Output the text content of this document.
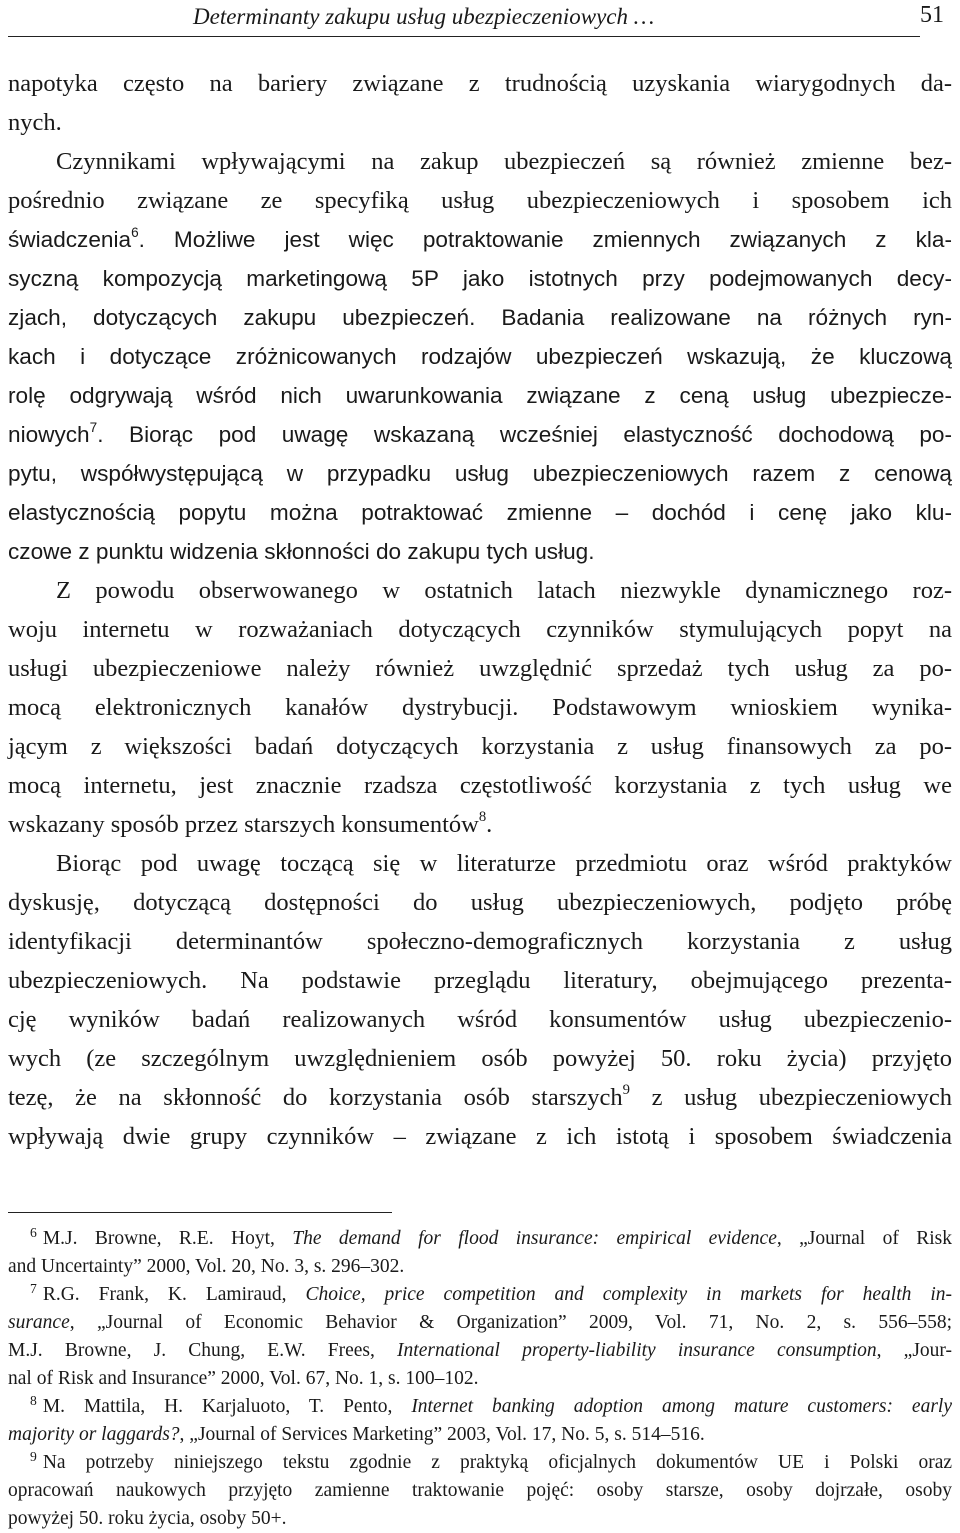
Determinanty zakupu usług ubezpieczeniowych …	51
napotyka często na bariery związane z trudnością uzyskania wiarygodnych da-
nych.
Czynnikami wpływającymi na zakup ubezpieczeń są również zmienne bez-
pośrednio związane ze specyfiką usług ubezpieczeniowych i sposobem ich
świadczenia$^6$. Możliwe jest więc potraktowanie zmiennych związanych z kla-
syczną kompozycją marketingową 5P jako istotnych przy podejmowanych decy-
zjach, dotyczących zakupu ubezpieczeń. Badania realizowane na różnych ryn-
kach i dotyczące zróżnicowanych rodzajów ubezpieczeń wskazują, że kluczową
rolę odgrywają wśród nich uwarunkowania związane z ceną usług ubezpiecze-
niowych$^7$. Biorąc pod uwagę wskazaną wcześniej elastyczność dochodową po-
pytu, współwystępującą w przypadku usług ubezpieczeniowych razem z cenową
elastycznością popytu można potraktować zmienne – dochód i cenę jako klu-
czowe z punktu widzenia skłonności do zakupu tych usług.
Z powodu obserwowanego w ostatnich latach niezwykle dynamicznego roz-
woju internetu w rozważaniach dotyczących czynników stymulujących popyt na
usługi ubezpieczeniowe należy również uwzględnić sprzedaż tych usług za po-
mocą elektronicznych kanałów dystrybucji. Podstawowym wnioskiem wynika-
jącym z większości badań dotyczących korzystania z usług finansowych za po-
mocą internetu, jest znacznie rzadsza częstotliwość korzystania z tych usług we
wskazany sposób przez starszych konsumentów$^8$.
Biorąc pod uwagę toczącą się w literaturze przedmiotu oraz wśród praktyków
dyskusję, dotyczącą dostępności do usług ubezpieczeniowych, podjęto próbę
identyfikacji determinantów społeczno-demograficznych korzystania z usług
ubezpieczeniowych. Na podstawie przeglądu literatury, obejmującego prezenta-
cję wyników badań realizowanych wśród konsumentów usług ubezpieczenio-
wych (ze szczególnym uwzględnieniem osób powyżej 50. roku życia) przyjęto
tezę, że na skłonność do korzystania osób starszych$^9$ z usług ubezpieczeniowych
wpływają dwie grupy czynników – związane z ich istotą i sposobem świadczenia
$^6$ M.J. Browne, R.E. Hoyt, The demand for flood insurance: empirical evidence, „Journal of Risk
and Uncertainty” 2000, Vol. 20, No. 3, s. 296–302.
$^7$ R.G. Frank, K. Lamiraud, Choice, price competition and complexity in markets for health in-
surance, „Journal of Economic Behavior & Organization” 2009, Vol. 71, No. 2, s. 556–558;
M.J. Browne, J. Chung, E.W. Frees, International property-liability insurance consumption, „Jour-
nal of Risk and Insurance” 2000, Vol. 67, No. 1, s. 100–102.
$^8$ M. Mattila, H. Karjaluoto, T. Pento, Internet banking adoption among mature customers: early
majority or laggards?, „Journal of Services Marketing” 2003, Vol. 17, No. 5, s. 514–516.
$^9$ Na potrzeby niniejszego tekstu zgodnie z praktyką oficjalnych dokumentów UE i Polski oraz
opracowań naukowych przyjęto zamienne traktowanie pojęć: osoby starsze, osoby dojrzałe, osoby
powyżej 50. roku życia, osoby 50+.
